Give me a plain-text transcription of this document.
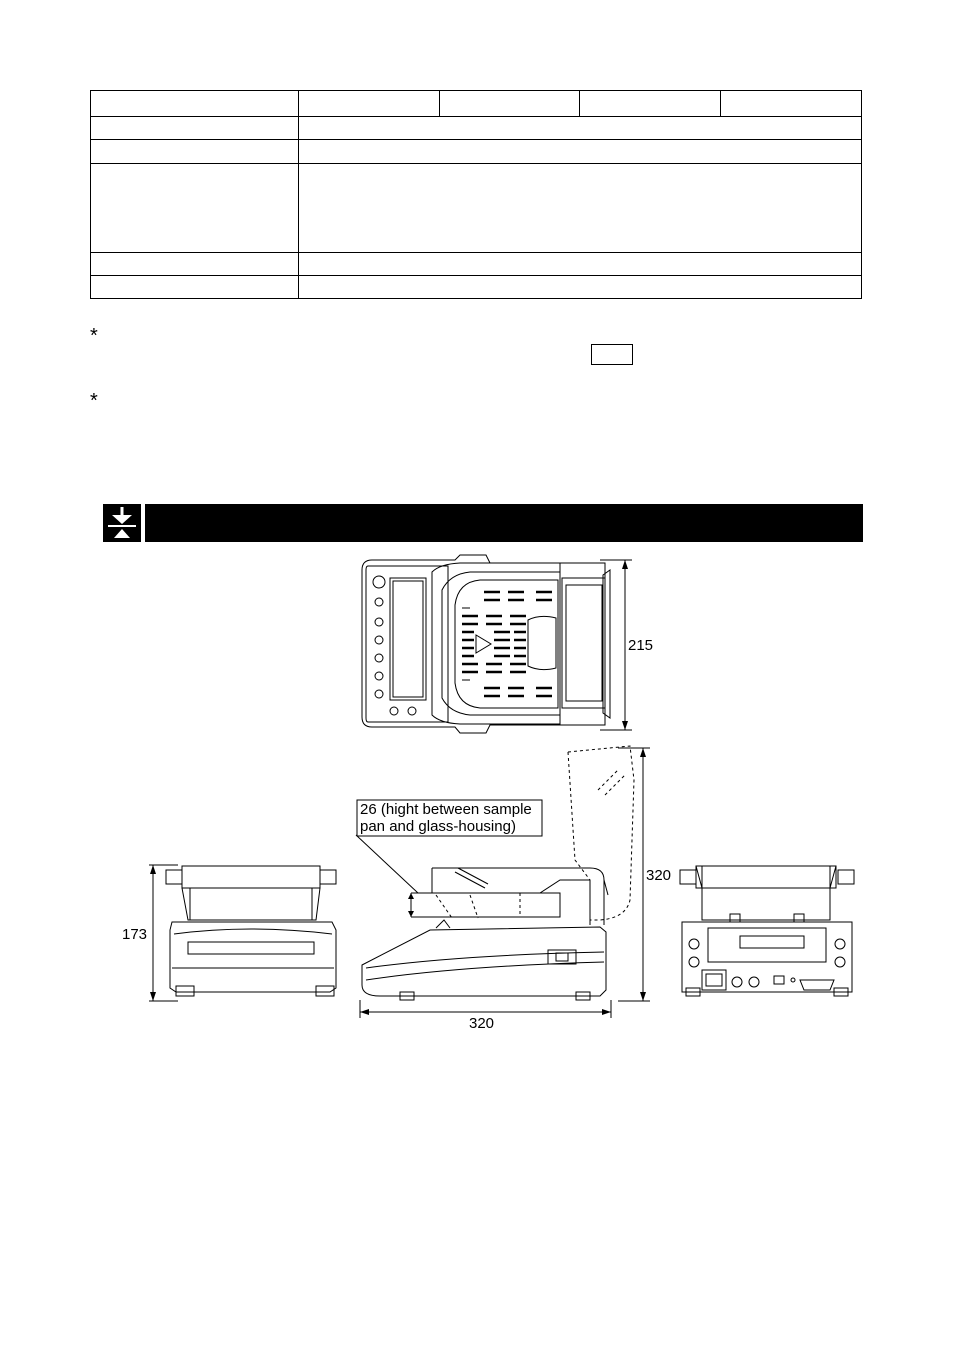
*
*
215
173
320
320
26 (hight between sample
pan and glass-housing)
